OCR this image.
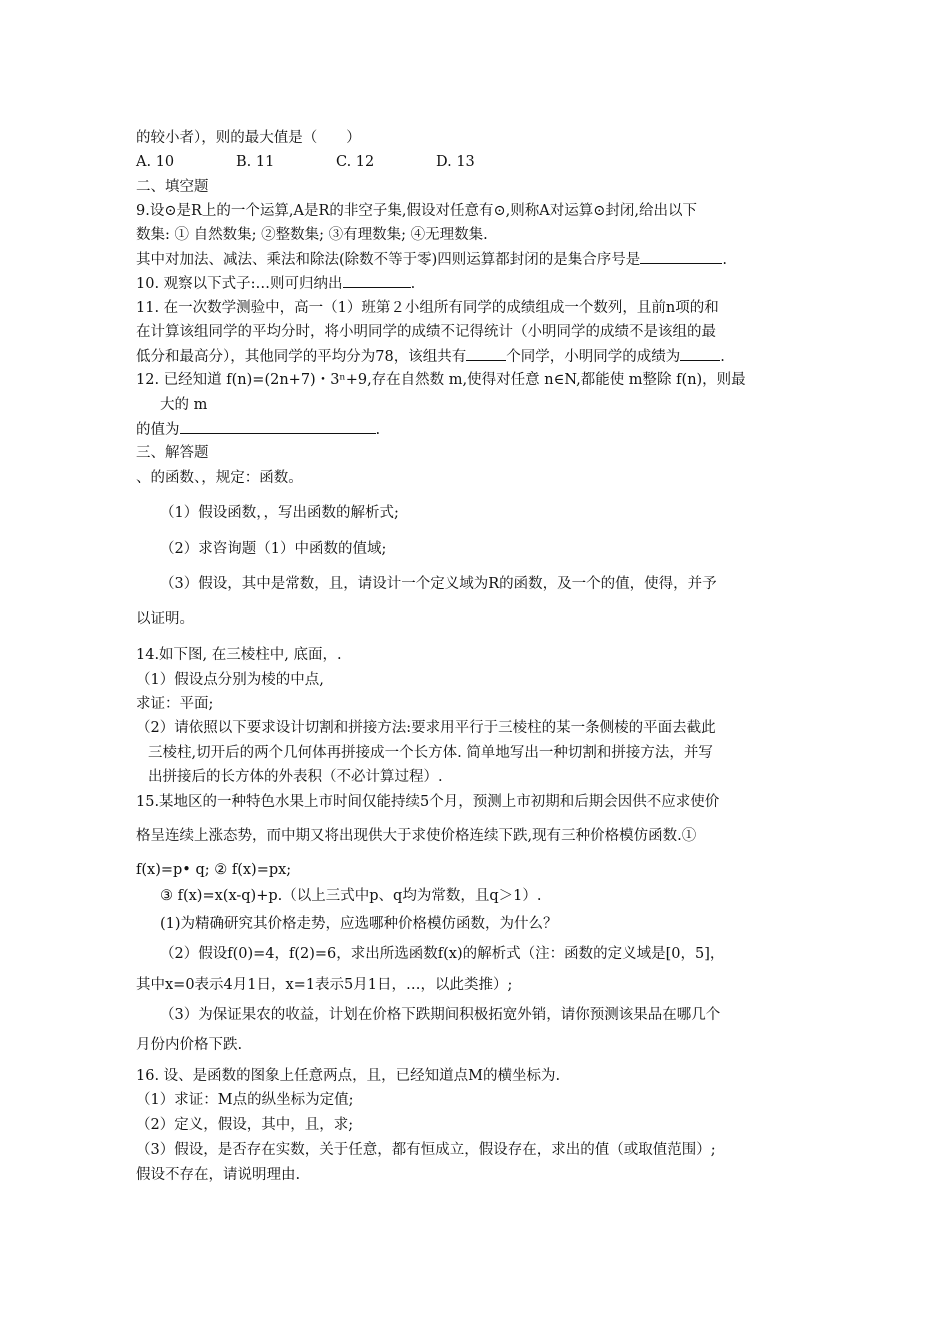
的较小者），则的最大值是（　　）
A. 10	B. 11	C. 12	D. 13
二、填空题
9.设⊙是R上的一个运算,A是R的非空子集,假设对任意有⊙,则称A对运算⊙封闭,给出以下
数集: ① 自然数集; ②整数集; ③有理数集; ④无理数集.
其中对加法、减法、乘法和除法(除数不等于零)四则运算都封闭的是集合序号是	.
10. 观察以下式子:…则可归纳出	.
11. 在一次数学测验中，高一（1）班第２小组所有同学的成绩组成一个数列，且前n项的和
在计算该组同学的平均分时，将小明同学的成绩不记得统计（小明同学的成绩不是该组的最
低分和最高分），其他同学的平均分为78，该组共有	个同学，小明同学的成绩为	.
12. 已经知道 f(n)=(2n+7)・3ⁿ+9,存在自然数 m,使得对任意 n∈N,都能使 m整除 f(n)，则最
大的 m
的值为	.
三、解答题
、的函数、，规定：函数。
（1）假设函数，，写出函数的解析式;
（2）求咨询题（1）中函数的值域;
（3）假设，其中是常数，且，请设计一个定义域为R的函数，及一个的值，使得，并予
以证明。
14.如下图, 在三棱柱中, 底面，.
（1）假设点分别为棱的中点,
求证：平面;
（2）请依照以下要求设计切割和拼接方法:要求用平行于三棱柱的某一条侧棱的平面去截此
三棱柱,切开后的两个几何体再拼接成一个长方体. 简单地写出一种切割和拼接方法，并写
出拼接后的长方体的外表积（不必计算过程）.
15.某地区的一种特色水果上市时间仅能持续5个月，预测上市初期和后期会因供不应求使价
格呈连续上涨态势，而中期又将出现供大于求使价格连续下跌,现有三种价格模仿函数.①
f(x)=p• q; ② f(x)=px;
③ f(x)=x(x-q)+p.（以上三式中p、q均为常数，且q＞1）.
(1)为精确研究其价格走势，应选哪种价格模仿函数，为什么？
（2）假设f(0)=4，f(2)=6，求出所选函数f(x)的解析式（注：函数的定义域是[0，5]，
其中x=0表示4月1日，x=1表示5月1日，…，以此类推）;
（3）为保证果农的收益，计划在价格下跌期间积极拓宽外销，请你预测该果品在哪几个
月份内价格下跌.
16. 设、是函数的图象上任意两点，且，已经知道点M的横坐标为.
（1）求证：M点的纵坐标为定值;
（2）定义，假设，其中，且，求;
（3）假设，是否存在实数，关于任意，都有恒成立，假设存在，求出的值（或取值范围）;
假设不存在，请说明理由.
